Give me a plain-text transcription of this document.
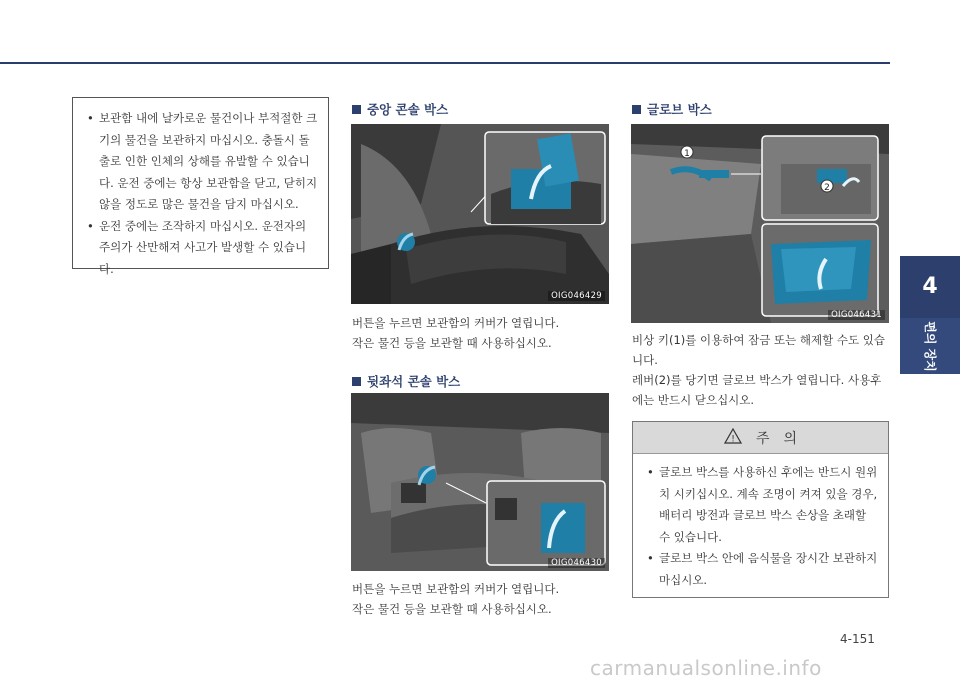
4
편의 장치
• 보관함 내에 날카로운 물건이나 부적절한 크기의 물건을 보관하지 마십시오. 충돌시 돌출로 인한 인체의 상해를 유발할 수 있습니다. 운전 중에는 항상 보관함을 닫고, 닫히지 않을 정도로 많은 물건을 담지 마십시오.
• 운전 중에는 조작하지 마십시오. 운전자의 주의가 산만해져 사고가 발생할 수 있습니다.
중앙 콘솔 박스
OIG046429
버튼을 누르면 보관함의 커버가 열립니다.
작은 물건 등을 보관할 때 사용하십시오.
뒷좌석 콘솔 박스
OIG046430
버튼을 누르면 보관함의 커버가 열립니다.
작은 물건 등을 보관할 때 사용하십시오.
글로브 박스
1
2
OIG046431
비상 키(1)를 이용하여 잠금 또는 해제할 수도 있습
니다.
레버(2)를 당기면 글로브 박스가 열립니다. 사용후
에는 반드시 닫으십시오.
! 주 의
• 글로브 박스를 사용하신 후에는 반드시 원위치 시키십시오. 계속 조명이 켜져 있을 경우, 배터리 방전과 글로브 박스 손상을 초래할 수 있습니다.
• 글로브 박스 안에 음식물을 장시간 보관하지 마십시오.
4-151
carmanualsonline.info
